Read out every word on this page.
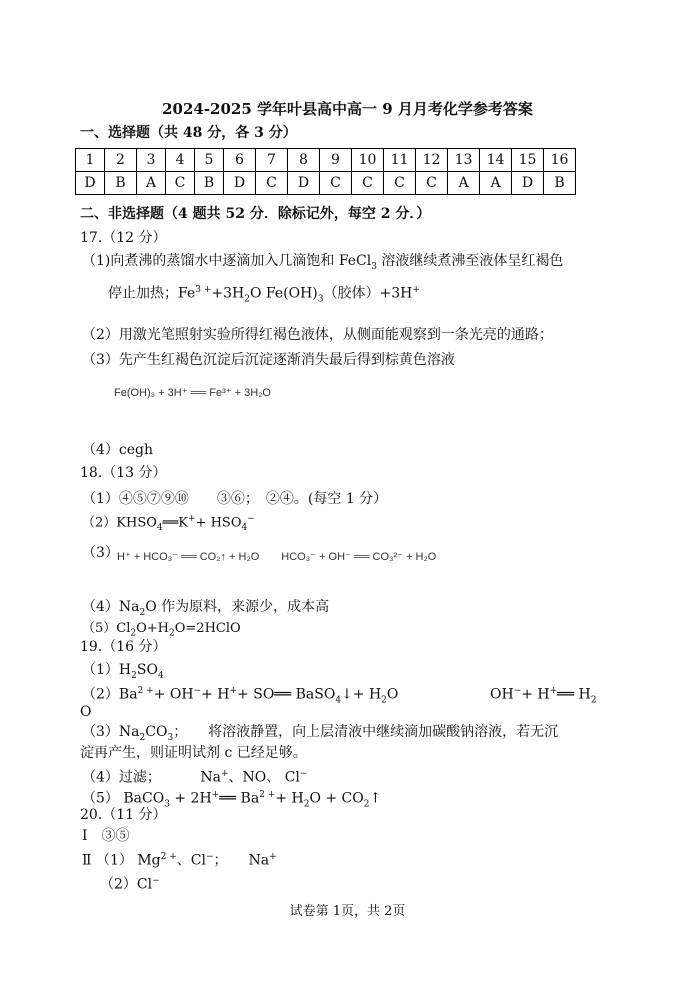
2024-2025 学年叶县高中高一 9 月月考化学参考答案
一、选择题（共 48 分，各 3 分）
1	2	3	4	5	6	7	8	9	10	11	12	13	14	15	16
D	B	A	C	B	D	C	D	C	C	C	C	A	A	D	B
二、非选择题（4 题共 52 分．除标记外，每空 2 分．）
17.（12 分）
（1)向煮沸的蒸馏水中逐滴加入几滴饱和 FeCl$_3$ 溶液继续煮沸至液体呈红褐色
停止加热；$Fe^{3 +}+3H_2O$ $Fe(OH)_3$（胶体）+3H+
（2）用激光笔照射实验所得红褐色液体，从侧面能观察到一条光亮的通路；
（3）先产生红褐色沉淀后沉淀逐渐消失最后得到棕黄色溶液
Fe(OH)₃ + 3H⁺ ══ Fe³⁺ + 3H₂O
（4）cegh
18.（13 分）
（1）④⑤⑦⑨⑩　　③⑥；　②④。(每空 1 分）
$(2)KHSO_4══K^++ HSO_4^-$
（3）
H⁺ + HCO₃⁻ ══ CO₂↑ + H₂O　　HCO₃⁻ + OH⁻ ══ CO₃²⁻ + H₂O
$(4)Na_2O$ 作为原料，来源少，成本高
$(5)Cl_2O+H_2O=2HClO$
19.（16 分）
$(1)H_2SO_4$
$(2)Ba^{2 +}+ OH^-+ H^++$ SO══ BaSO$_4$↓+ $H_2O$	OH−+ H+══ $H_2$
O
$(3)Na_2CO_3$；　　将溶液静置，向上层清液中继续滴加碳酸钠溶液，若无沉
淀再产生，则证明试剂 c 已经足够。
（4）过滤；　　　 Na+、NO、 Cl−
（5） BaCO$_3$ + 2H+══ $Ba^{2 +}+ H_2O$ + $CO_2↑$
20.（11 分）
Ⅰ　③⑤
Ⅱ （1） $Mg^{2 +}$、Cl−；　　Na+
（2）Cl−
试卷第 1页，共 2页
